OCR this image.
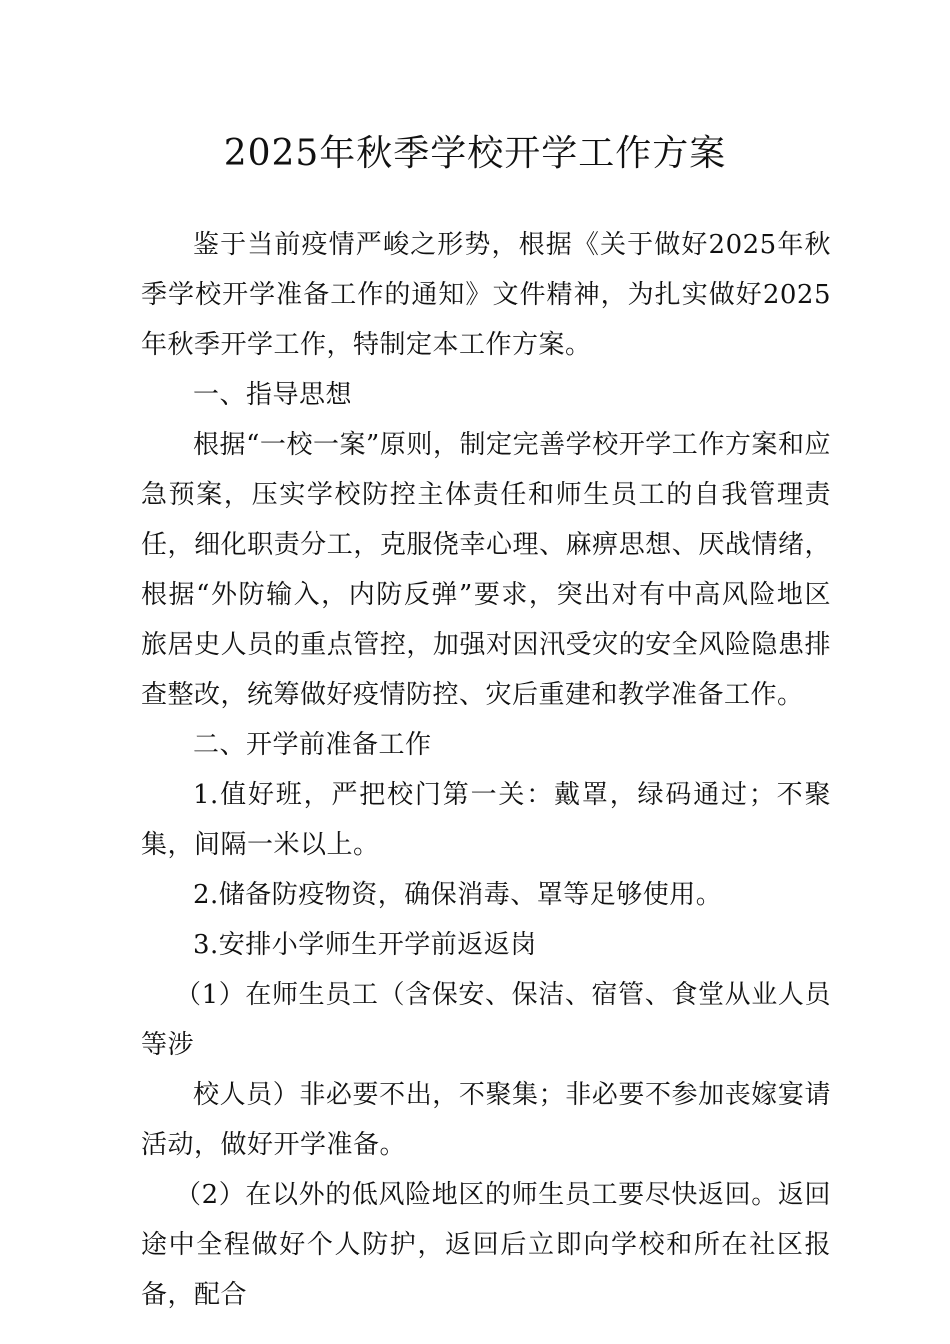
2025年秋季学校开学工作方案

鉴于当前疫情严峻之形势，根据《关于做好2025年秋季学校开学准备工作的通知》文件精神，为扎实做好2025年秋季开学工作，特制定本工作方案。

一、指导思想

根据“一校一案”原则，制定完善学校开学工作方案和应急预案，压实学校防控主体责任和师生员工的自我管理责任，细化职责分工，克服侥幸心理、麻痹思想、厌战情绪，根据“外防输入，内防反弹”要求，突出对有中高风险地区旅居史人员的重点管控，加强对因汛受灾的安全风险隐患排查整改，统筹做好疫情防控、灾后重建和教学准备工作。

二、开学前准备工作

1.值好班，严把校门第一关：戴罩，绿码通过；不聚集，间隔一米以上。

2.储备防疫物资，确保消毒、罩等足够使用。

3.安排小学师生开学前返返岗

（1）在师生员工（含保安、保洁、宿管、食堂从业人员等涉

校人员）非必要不出，不聚集；非必要不参加丧嫁宴请活动，做好开学准备。

（2）在以外的低风险地区的师生员工要尽快返回。返回途中全程做好个人防护，返回后立即向学校和所在社区报备，配合
